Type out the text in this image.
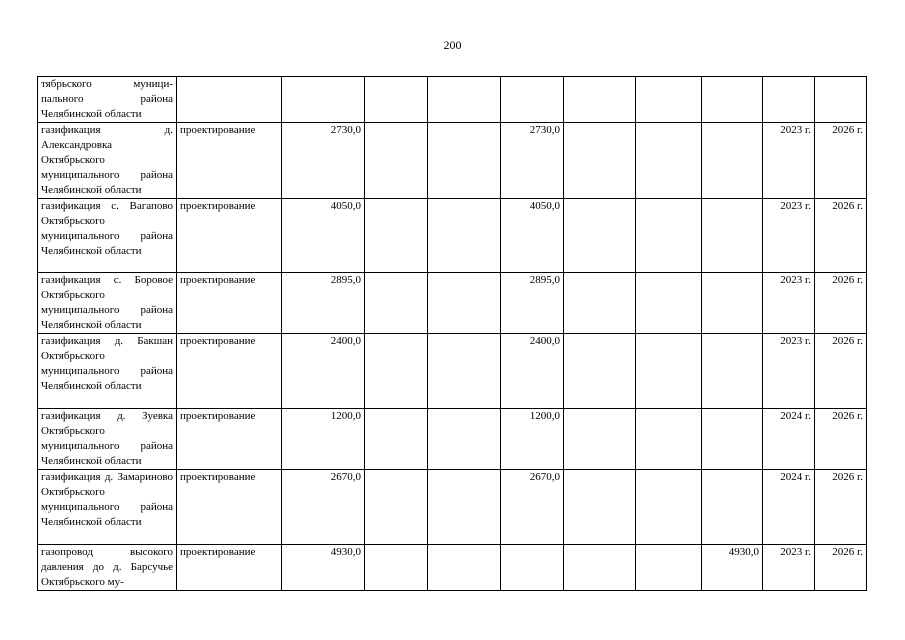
200
тябрьского муници-пального района Челябинской области										
газификация д. Александровка Октябрьского муниципального района Челябинской области	проектирование	2730,0			2730,0				2023 г.	2026 г.
газификация с. Вагапово Октябрьского муниципального района Челябинской области	проектирование	4050,0			4050,0				2023 г.	2026 г.
газификация с. Боровое Октябрьского муниципального района Челябинской области	проектирование	2895,0			2895,0				2023 г.	2026 г.
газификация д. Бакшан Октябрьского муниципального района Челябинской области	проектирование	2400,0			2400,0				2023 г.	2026 г.
газификация д. Зуевка Октябрьского муниципального района Челябинской области	проектирование	1200,0			1200,0				2024 г.	2026 г.
газификация д. Замариново Октябрьского муниципального района Челябинской области	проектирование	2670,0			2670,0				2024 г.	2026 г.
газопровод высокого давления до д. Барсучье Октябрьского му-	проектирование	4930,0						4930,0	2023 г.	2026 г.
